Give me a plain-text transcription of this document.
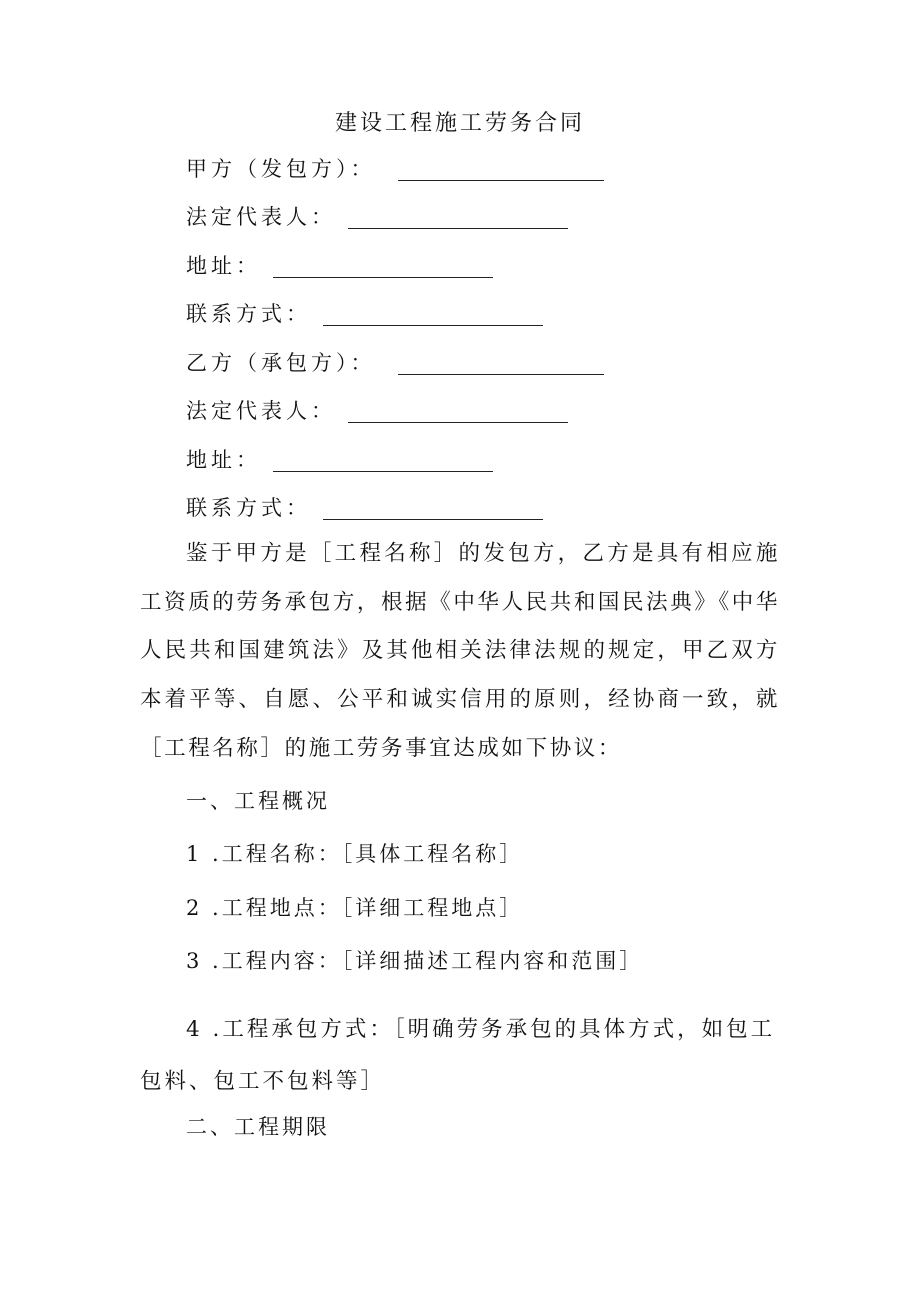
建设工程施工劳务合同
甲方（发包方）：
法定代表人：
地址：
联系方式：
乙方（承包方）：
法定代表人：
地址：
联系方式：
鉴于甲方是［工程名称］的发包方，乙方是具有相应施工资质的劳务承包方，根据《中华人民共和国民法典》《中华人民共和国建筑法》及其他相关法律法规的规定，甲乙双方本着平等、自愿、公平和诚实信用的原则，经协商一致，就［工程名称］的施工劳务事宜达成如下协议：
一、工程概况
1 .工程名称：［具体工程名称］
2 .工程地点：［详细工程地点］
3 .工程内容：［详细描述工程内容和范围］
4 .工程承包方式：［明确劳务承包的具体方式，如包工包料、包工不包料等］
二、工程期限
